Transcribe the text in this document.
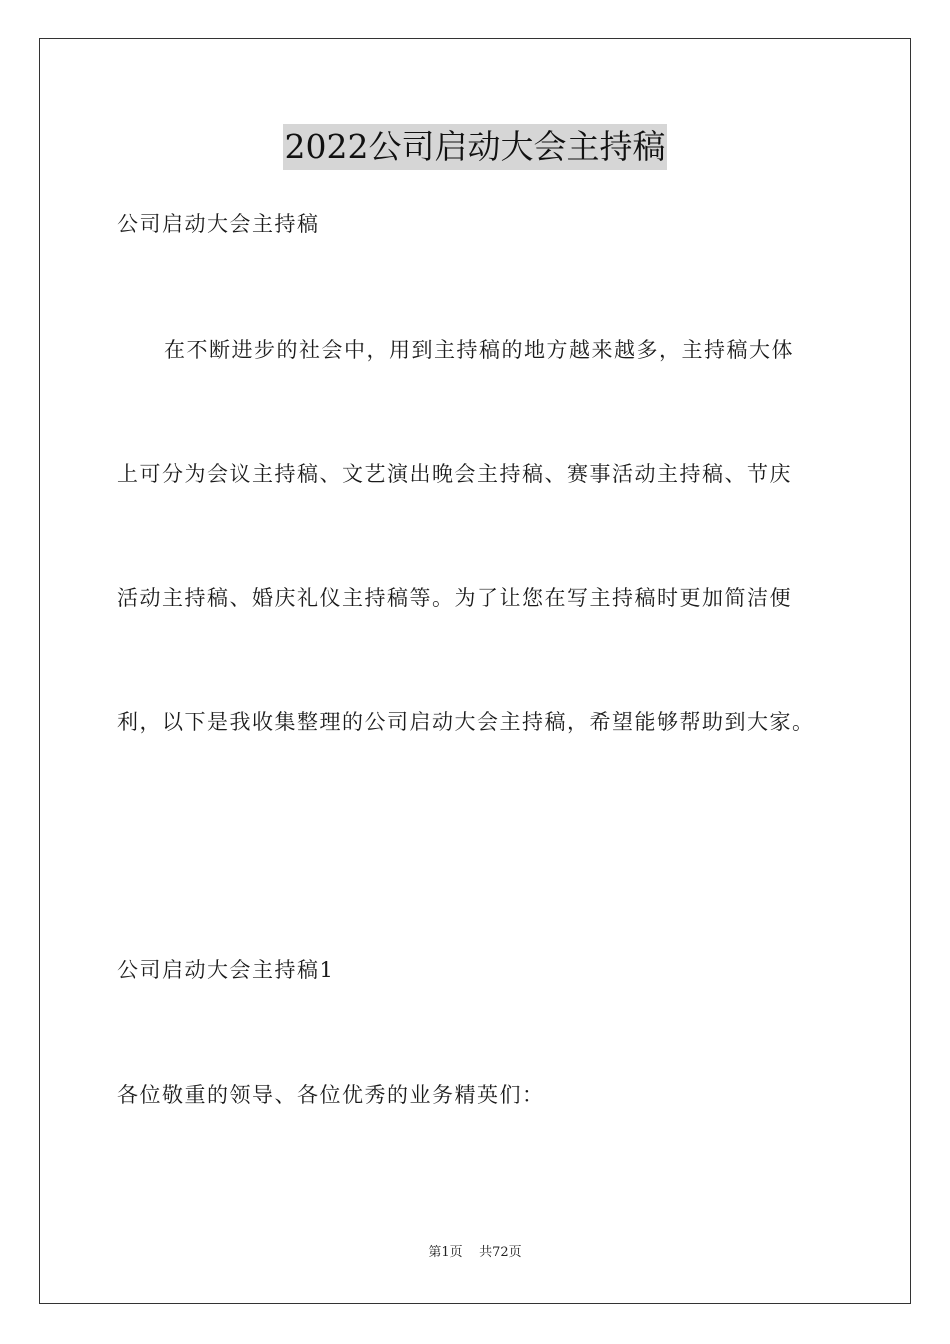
2022公司启动大会主持稿
公司启动大会主持稿
在不断进步的社会中，用到主持稿的地方越来越多，主持稿大体
上可分为会议主持稿、文艺演出晚会主持稿、赛事活动主持稿、节庆
活动主持稿、婚庆礼仪主持稿等。为了让您在写主持稿时更加简洁便
利，以下是我收集整理的公司启动大会主持稿，希望能够帮助到大家。
公司启动大会主持稿1
各位敬重的领导、各位优秀的业务精英们：
第1页 共72页
